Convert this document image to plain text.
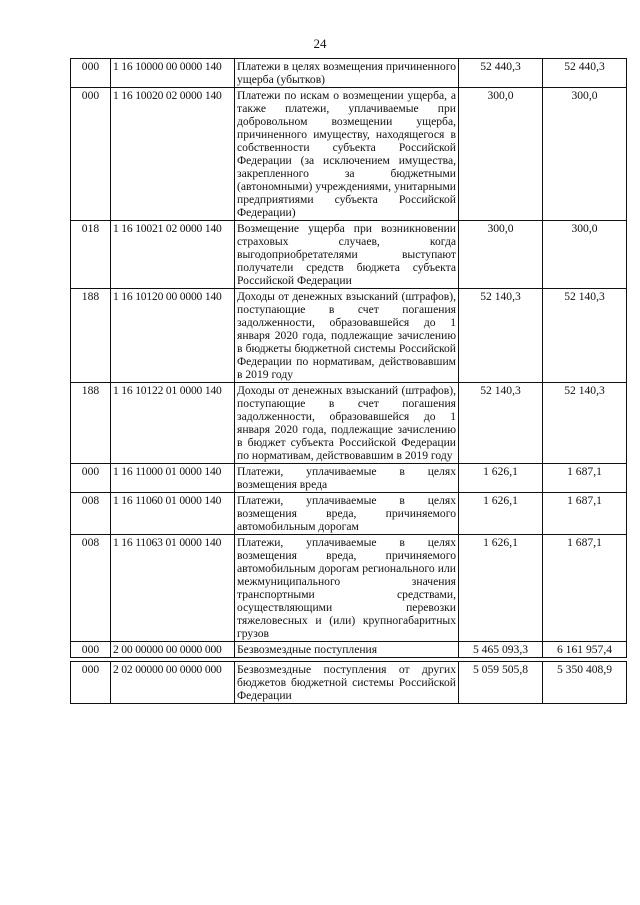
24
000	1 16 10000 00 0000 140	Платежи в целях возмещения причиненного ущерба (убытков)	52 440,3	52 440,3
000	1 16 10020 02 0000 140	Платежи по искам о возмещении ущерба, а также платежи, уплачиваемые при добровольном возмещении ущерба, причиненного имуществу, находящегося в собственности субъекта Российской Федерации (за исключением имущества, закрепленного за бюджетными (автономными) учреждениями, унитарными предприятиями субъекта Российской Федерации)	300,0	300,0
018	1 16 10021 02 0000 140	Возмещение ущерба при возникновении страховых случаев, когда выгодоприобретателями выступают получатели средств бюджета субъекта Российской Федерации	300,0	300,0
188	1 16 10120 00 0000 140	Доходы от денежных взысканий (штрафов), поступающие в счет погашения задолженности, образовавшейся до 1 января 2020 года, подлежащие зачислению в бюджеты бюджетной системы Российской Федерации по нормативам, действовавшим в 2019 году	52 140,3	52 140,3
188	1 16 10122 01 0000 140	Доходы от денежных взысканий (штрафов), поступающие в счет погашения задолженности, образовавшейся до 1 января 2020 года, подлежащие зачислению в бюджет субъекта Российской Федерации по нормативам, действовавшим в 2019 году	52 140,3	52 140,3
000	1 16 11000 01 0000 140	Платежи, уплачиваемые в целях возмещения вреда	1 626,1	1 687,1
008	1 16 11060 01 0000 140	Платежи, уплачиваемые в целях возмещения вреда, причиняемого автомобильным дорогам	1 626,1	1 687,1
008	1 16 11063 01 0000 140	Платежи, уплачиваемые в целях возмещения вреда, причиняемого автомобильным дорогам регионального или межмуниципального значения транспортными средствами, осуществляющими перевозки тяжеловесных и (или) крупногабаритных грузов	1 626,1	1 687,1
000	2 00 00000 00 0000 000	Безвозмездные поступления	5 465 093,3	6 161 957,4

000	2 02 00000 00 0000 000	Безвозмездные поступления от других бюджетов бюджетной системы Российской Федерации	5 059 505,8	5 350 408,9
